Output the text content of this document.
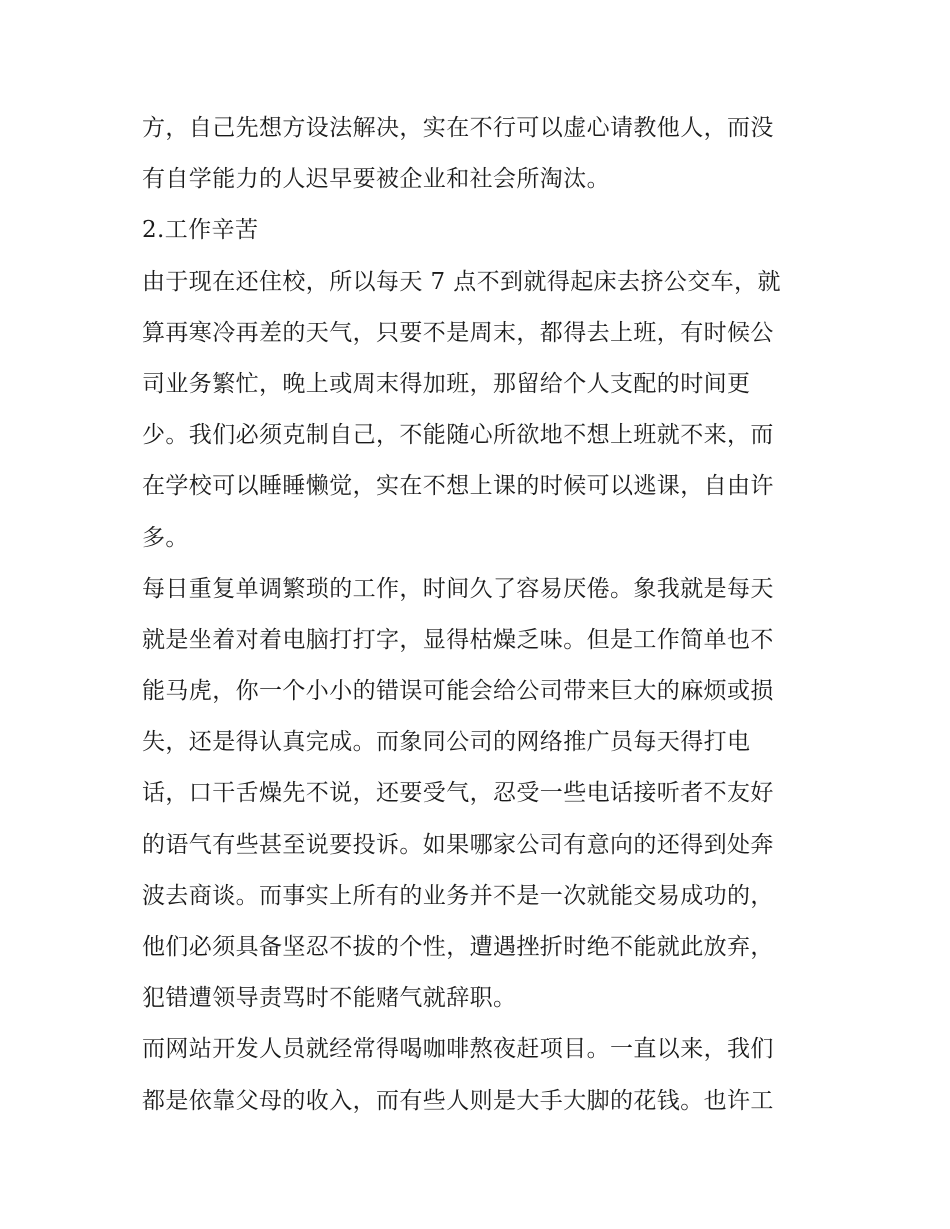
方，自己先想方设法解决，实在不行可以虚心请教他人，而没
有自学能力的人迟早要被企业和社会所淘汰。
2.工作辛苦
由于现在还住校，所以每天 7 点不到就得起床去挤公交车，就
算再寒冷再差的天气，只要不是周末，都得去上班，有时候公
司业务繁忙，晚上或周末得加班，那留给个人支配的时间更
少。我们必须克制自己，不能随心所欲地不想上班就不来，而
在学校可以睡睡懒觉，实在不想上课的时候可以逃课，自由许
多。
每日重复单调繁琐的工作，时间久了容易厌倦。象我就是每天
就是坐着对着电脑打打字，显得枯燥乏味。但是工作简单也不
能马虎，你一个小小的错误可能会给公司带来巨大的麻烦或损
失，还是得认真完成。而象同公司的网络推广员每天得打电
话，口干舌燥先不说，还要受气，忍受一些电话接听者不友好
的语气有些甚至说要投诉。如果哪家公司有意向的还得到处奔
波去商谈。而事实上所有的业务并不是一次就能交易成功的，
他们必须具备坚忍不拔的个性，遭遇挫折时绝不能就此放弃，
犯错遭领导责骂时不能赌气就辞职。
而网站开发人员就经常得喝咖啡熬夜赶项目。一直以来，我们
都是依靠父母的收入，而有些人则是大手大脚的花钱。也许工
